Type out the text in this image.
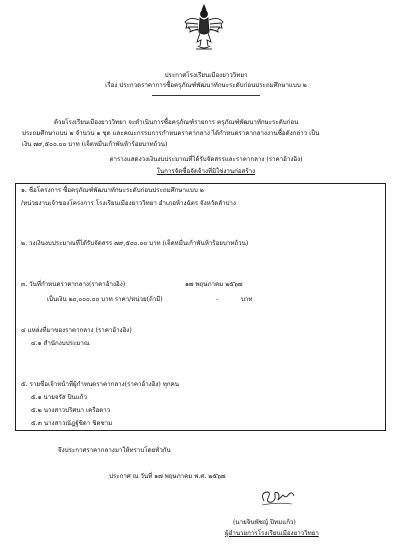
ประกาศโรงเรียนเมืองยาววิทยา
เรื่อง ประกวดราคาการซื้อครุภัณฑ์พัฒนาทักษะระดับก่อนประถมศึกษาแบบ ๒
ด้วยโรงเรียนเมืองยาววิทยา จะดำเนินการซื้อครุภัณฑ์รายการ ครุภัณฑ์พัฒนาทักษะระดับก่อน
ประถมศึกษาแบบ ๒ จำนวน ๑ ชุด และคณะกรรมการกำหนดราคากลาง ได้กำหนดราคากลางงานซื้อดังกล่าว เป็น
เงิน ๗๙,๕๐๐.๐๐ บาท (เจ็ดหมื่นเก้าพันห้าร้อยบาทถ้วน)
ตารางแสดงวงเงินงบประมาณที่ได้รับจัดสรรและราคากลาง (ราคาอ้างอิง)
ในการจัดซื้อจัดจ้างที่มิใช่งานก่อสร้าง
๑. ชื่อโครงการ ซื้อครุภัณฑ์พัฒนาทักษะระดับก่อนประถมศึกษาแบบ ๒
/หน่วยงานเจ้าของโครงการ โรงเรียนเมืองยาววิทยา อำเภอห้างฉัตร จังหวัดลำปาง
๒. วงเงินงบประมาณที่ได้รับจัดสรร ๗๙,๕๐๐.๐๐ บาท (เจ็ดหมื่นเก้าพันห้าร้อยบาทถ้วน)
๓. วันที่กำหนดราคากลาง(ราคาอ้างอิง)	๑๗ พฤษภาคม ๒๕๖๗
เป็นเงิน ๒๐,๐๐๐.๐๐ บาท ราคา/หน่วย(ถ้ามี)	-	บาท
๔ แหล่งที่มาของราคากลาง (ราคาอ้างอิง)
๔.๑ สำนักงบประมาณ
๕. รายชื่อเจ้าหน้าที่ผู้กำหนดราคากลาง(ราคาอ้างอิง) ทุกคน
๕.๑ นายจรัส ปินแก้ว
๕.๒ นางสาวปริศนา เครือดาว
๕.๓ นางสาวณัฎฐ์ชิดา ชิดชาม
จึงประกาศราคากลางมาให้ทราบโดยทั่วกัน
ประกาศ ณ วันที่ ๑๗ พฤษภาคม พ.ศ. ๒๕๖๗
(นายจินพัชญ์ ปิทมแก้ว)
ผู้อำนวยการโรงเรียนเมืองยาววิทยา
